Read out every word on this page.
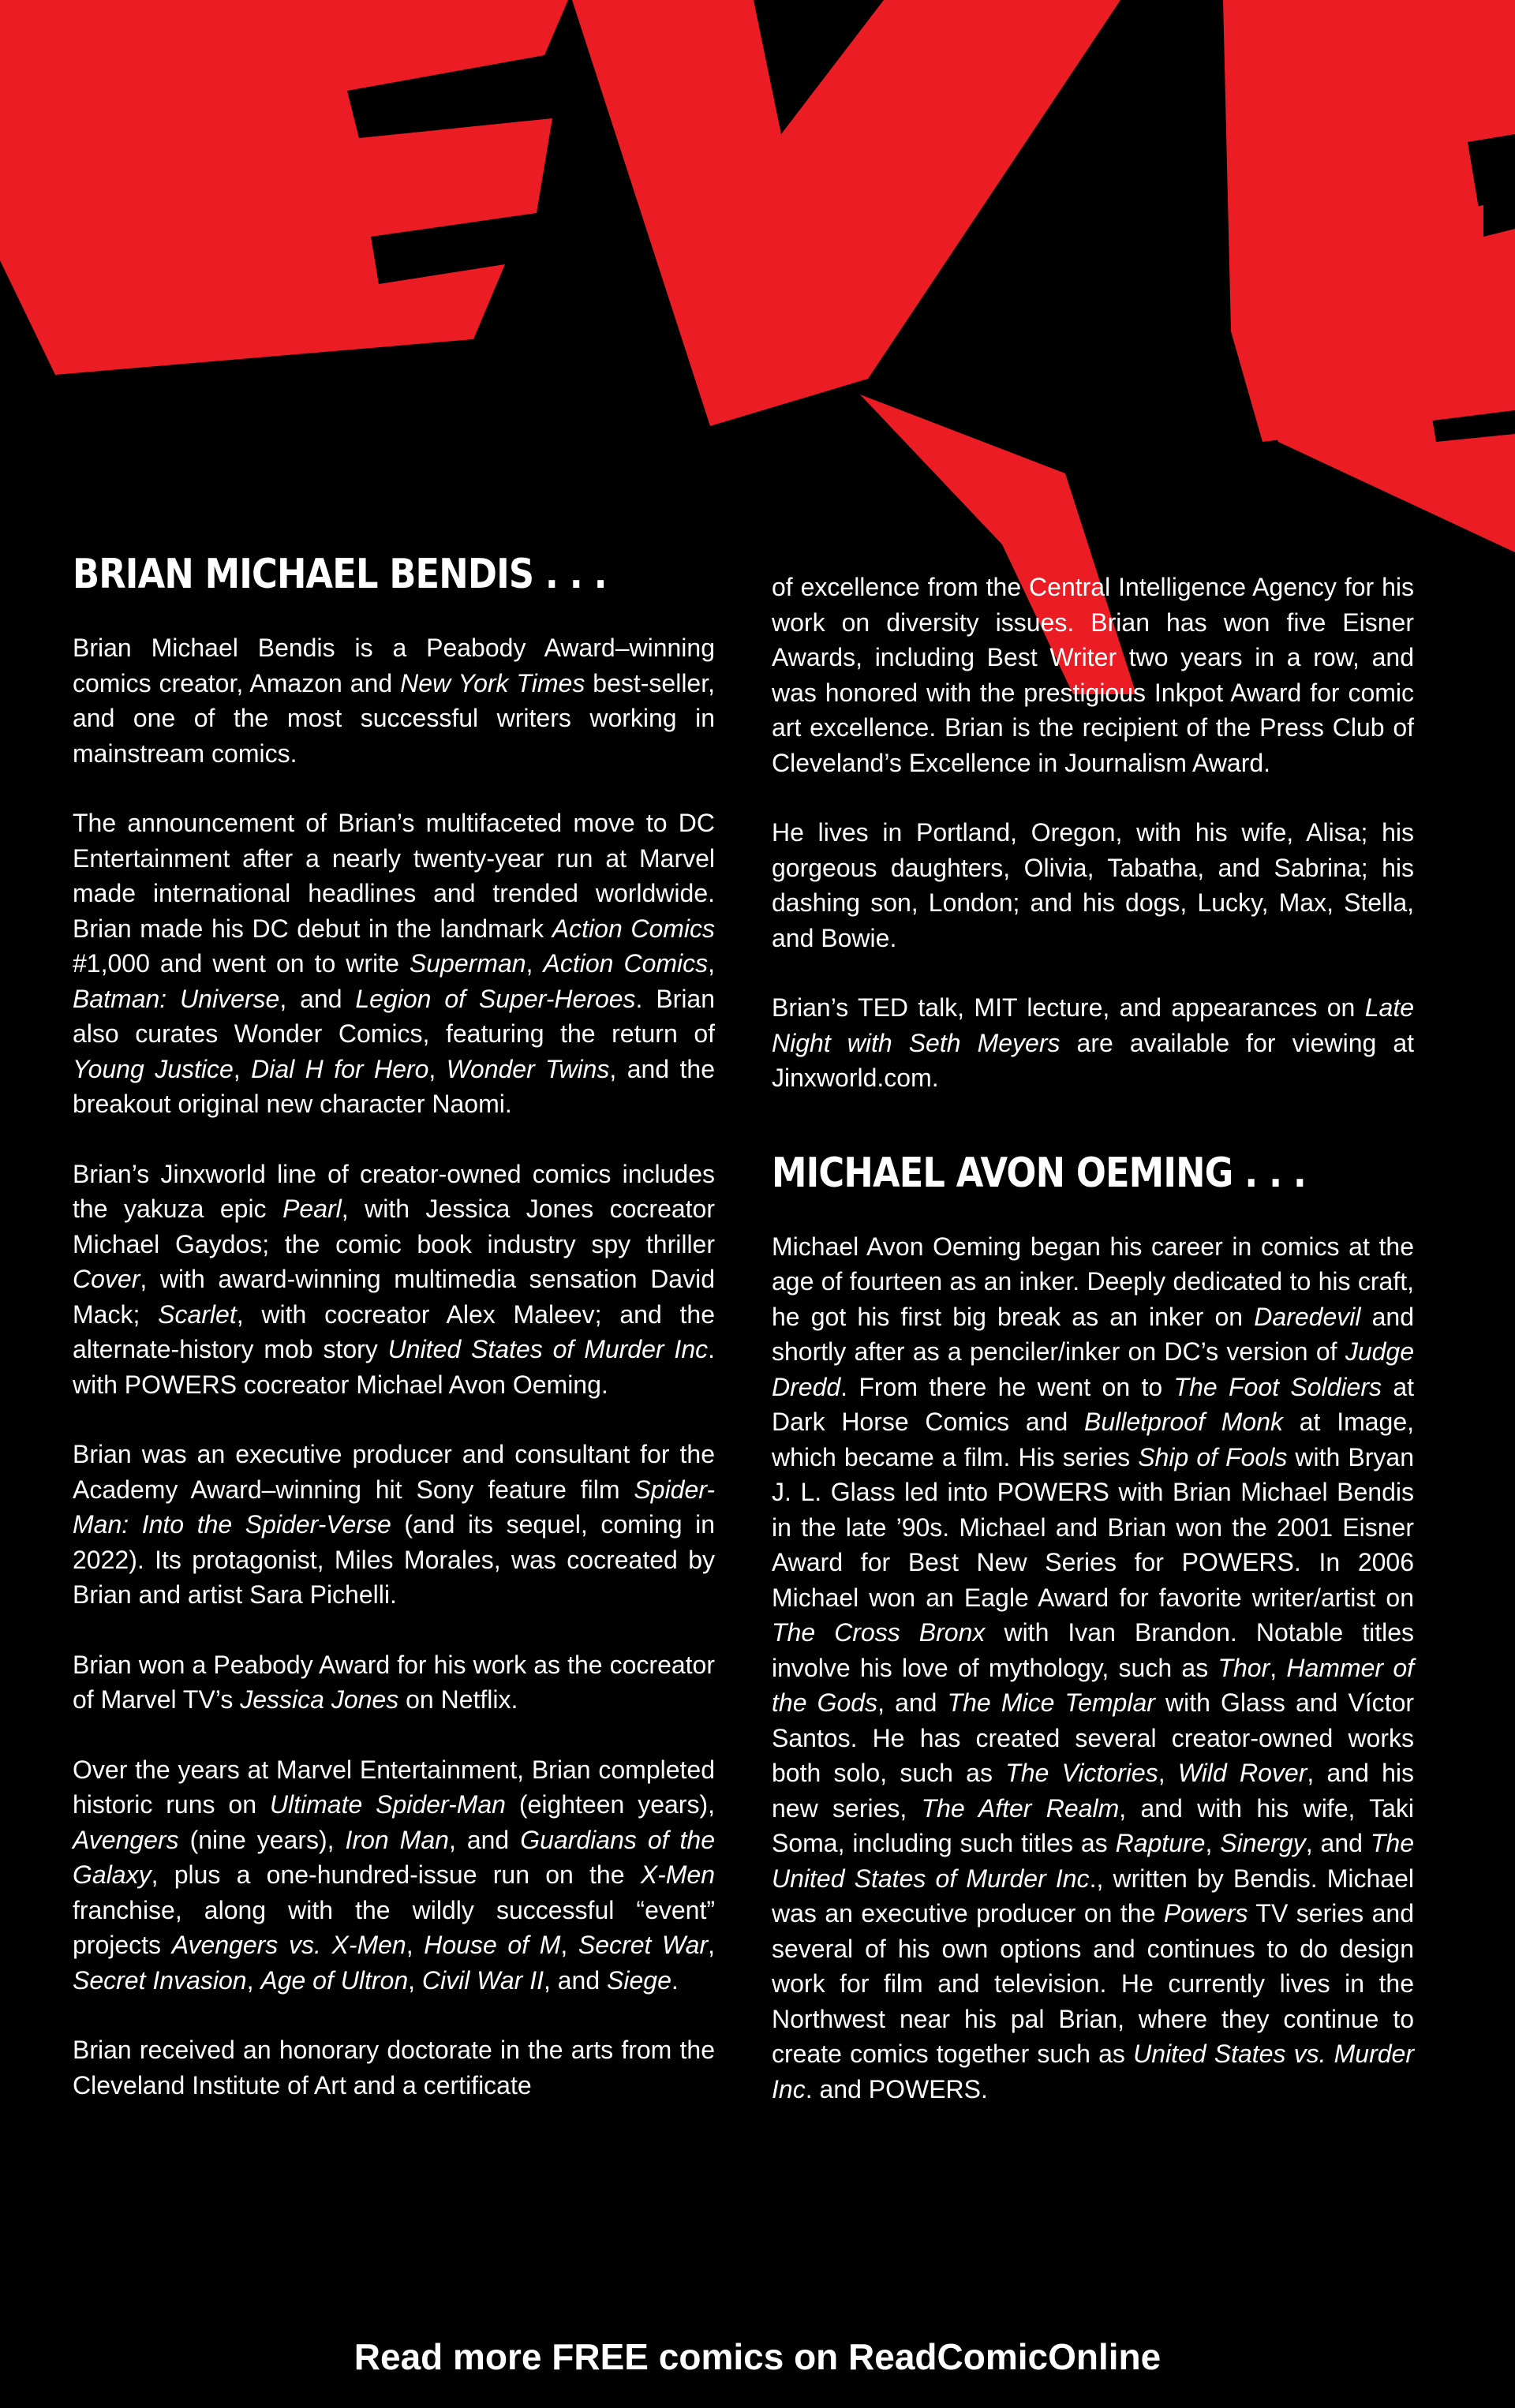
BRIAN MICHAEL BENDIS . . .

Brian Michael Bendis is a Peabody Award–winning comics creator, Amazon and New York Times best-seller, and one of the most successful writers working in mainstream comics.

The announcement of Brian’s multifaceted move to DC Entertainment after a nearly twenty-year run at Marvel made international headlines and trended worldwide. Brian made his DC debut in the landmark Action Comics #1,000 and went on to write Superman, Action Comics, Batman: Universe, and Legion of Super-Heroes. Brian also curates Wonder Comics, featuring the return of Young Justice, Dial H for Hero, Wonder Twins, and the breakout original new character Naomi.

Brian’s Jinxworld line of creator-owned comics includes the yakuza epic Pearl, with Jessica Jones cocreator Michael Gaydos; the comic book industry spy thriller Cover, with award-winning multimedia sensation David Mack; Scarlet, with cocreator Alex Maleev; and the alternate-history mob story United States of Murder Inc. with POWERS cocreator Michael Avon Oeming.

Brian was an executive producer and consultant for the Academy Award–winning hit Sony feature film Spider-Man: Into the Spider-Verse (and its sequel, coming in 2022). Its protagonist, Miles Morales, was cocreated by Brian and artist Sara Pichelli.

Brian won a Peabody Award for his work as the cocreator of Marvel TV’s Jessica Jones on Netflix.

Over the years at Marvel Entertainment, Brian completed historic runs on Ultimate Spider-Man (eighteen years), Avengers (nine years), Iron Man, and Guardians of the Galaxy, plus a one-hundred-issue run on the X-Men franchise, along with the wildly successful “event” projects Avengers vs. X-Men, House of M, Secret War, Secret Invasion, Age of Ultron, Civil War II, and Siege.

Brian received an honorary doctorate in the arts from the Cleveland Institute of Art and a certificate

of excellence from the Central Intelligence Agency for his work on diversity issues. Brian has won five Eisner Awards, including Best Writer two years in a row, and was honored with the prestigious Inkpot Award for comic art excellence. Brian is the recipient of the Press Club of Cleveland’s Excellence in Journalism Award.

He lives in Portland, Oregon, with his wife, Alisa; his gorgeous daughters, Olivia, Tabatha, and Sabrina; his dashing son, London; and his dogs, Lucky, Max, Stella, and Bowie.

Brian’s TED talk, MIT lecture, and appearances on Late Night with Seth Meyers are available for viewing at Jinxworld.com.

MICHAEL AVON OEMING . . .

Michael Avon Oeming began his career in comics at the age of fourteen as an inker. Deeply dedicated to his craft, he got his first big break as an inker on Daredevil and shortly after as a penciler/inker on DC’s version of Judge Dredd. From there he went on to The Foot Soldiers at Dark Horse Comics and Bulletproof Monk at Image, which became a film. His series Ship of Fools with Bryan J. L. Glass led into POWERS with Brian Michael Bendis in the late ’90s. Michael and Brian won the 2001 Eisner Award for Best New Series for POWERS. In 2006 Michael won an Eagle Award for favorite writer/artist on The Cross Bronx with Ivan Brandon. Notable titles involve his love of mythology, such as Thor, Hammer of the Gods, and The Mice Templar with Glass and Víctor Santos. He has created several creator-owned works both solo, such as The Victories, Wild Rover, and his new series, The After Realm, and with his wife, Taki Soma, including such titles as Rapture, Sinergy, and The United States of Murder Inc., written by Bendis. Michael was an executive producer on the Powers TV series and several of his own options and continues to do design work for film and television. He currently lives in the Northwest near his pal Brian, where they continue to create comics together such as United States vs. Murder Inc. and POWERS.

Read more FREE comics on ReadComicOnline
